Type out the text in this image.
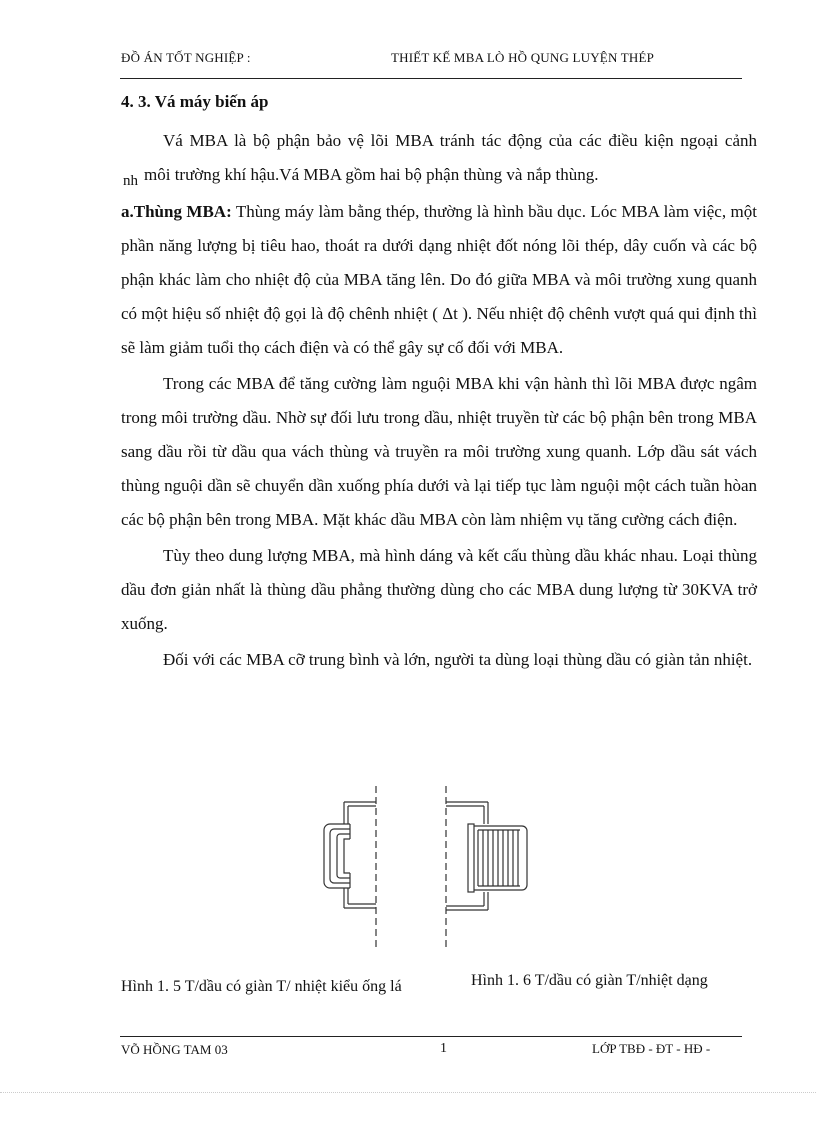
ĐỒ ÁN TỐT NGHIỆP :	THIẾT KẾ MBA LÒ HỒ QUNG LUYỆN THÉP
4. 3. Vá máy biến áp

Vá MBA là bộ phận bảo vệ lõi MBA tránh tác động của các điều kiện ngoại cảnh nh môi trường khí hậu.Vá MBA gồm hai bộ phận thùng và nắp thùng.

a.Thùng MBA: Thùng máy làm bằng thép, thường là hình bầu dục. Lóc MBA làm việc, một phần năng lượng bị tiêu hao, thoát ra dưới dạng nhiệt đốt nóng lõi thép, dây cuốn và các bộ phận khác làm cho nhiệt độ của MBA tăng lên. Do đó giữa MBA và môi trường xung quanh có một hiệu số nhiệt độ gọi là độ chênh nhiệt ( Δt ). Nếu nhiệt độ chênh vượt quá qui định thì sẽ làm giảm tuổi thọ cách điện và có thể gây sự cố đối với MBA.

Trong các MBA để tăng cường làm nguội MBA khi vận hành thì lõi MBA được ngâm trong môi trường dầu. Nhờ sự đối lưu trong dầu, nhiệt truyền từ các bộ phận bên trong MBA sang dầu rồi từ dầu qua vách thùng và truyền ra môi trường xung quanh. Lớp dầu sát vách thùng nguội dần sẽ chuyển dần xuống phía dưới và lại tiếp tục làm nguội một cách tuần hòan các bộ phận bên trong MBA. Mặt khác dầu MBA còn làm nhiệm vụ tăng cường cách điện.

Tùy theo dung lượng MBA, mà hình dáng và kết cấu thùng dầu khác nhau. Loại thùng dầu đơn giản nhất là thùng dầu phẳng thường dùng cho các MBA dung lượng từ 30KVA trở xuống.

Đối với các MBA cỡ trung bình và lớn, người ta dùng loại thùng dầu có giàn tản nhiệt.

Hình 1. 5 T/dầu có giàn T/ nhiệt kiểu ống lá	Hình 1. 6 T/dầu có giàn T/nhiệt dạng
VÕ HỒNG TAM 03	1	LỚP TBĐ - ĐT - HĐ -
